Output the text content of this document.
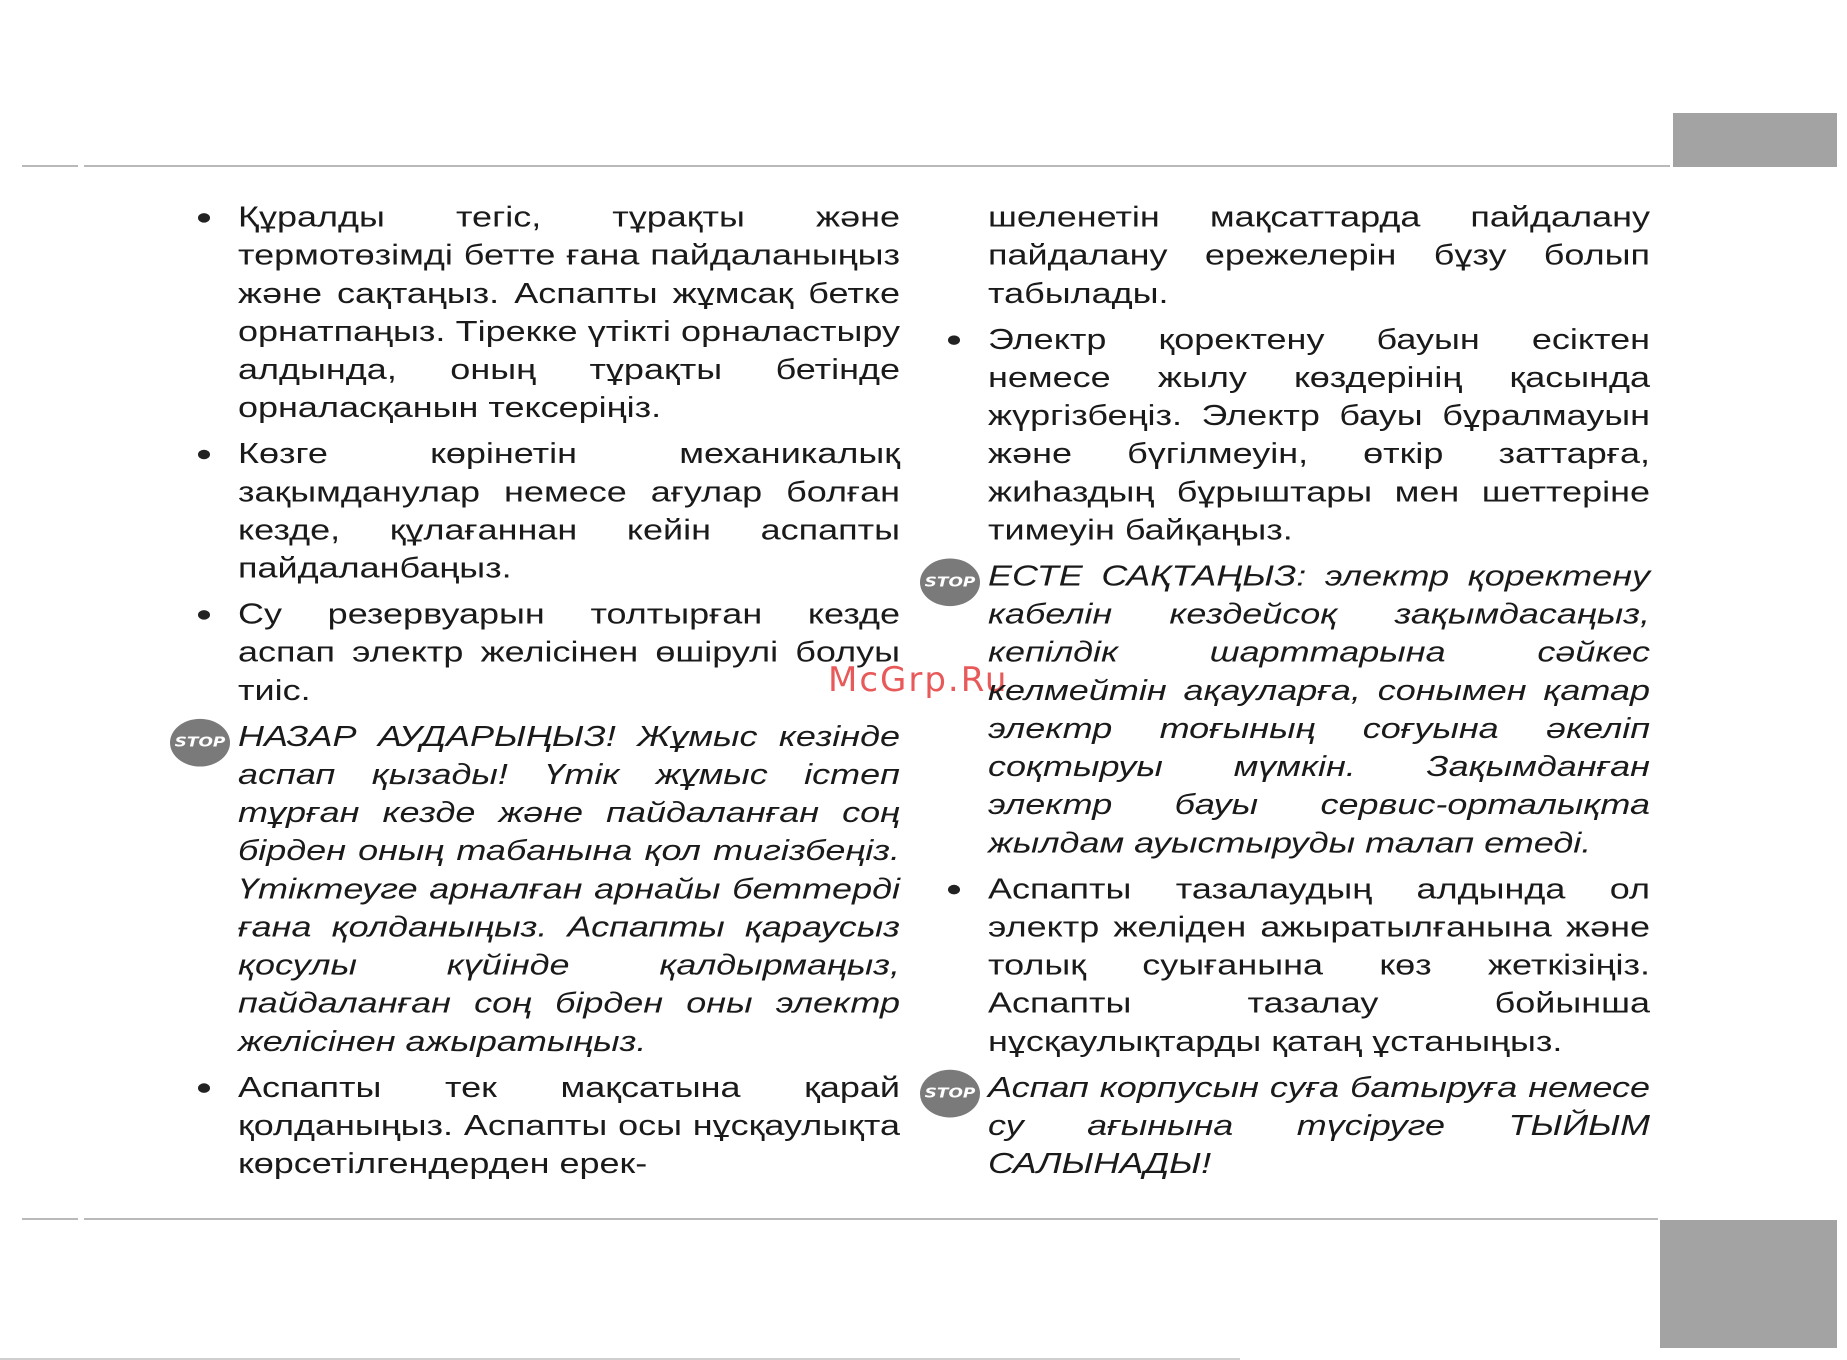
McGrp.Ru

Құралды тегіс, тұрақты және термотөзімді бетте ғана пайдаланыңыз және сақтаңыз. Аспапты жұмсақ бетке орнатпаңыз. Тірекке үтікті орналастыру алдында, оның тұрақты бетінде орналасқанын тексеріңіз.

Көзге көрінетін механикалық зақымданулар немесе ағулар болған кезде, құлағаннан кейін аспапты пайдаланбаңыз.

Су резервуарын толтырған кезде аспап электр желісінен өшірулі болуы тиіс.

STOP НАЗАР АУДАРЫҢЫЗ! Жұмыс кезінде аспап қызады! Үтік жұмыс істеп тұрған кезде және пайдаланған соң бірден оның табанына қол тигізбеңіз. Үтіктеуге арналған арнайы беттерді ғана қолданыңыз. Аспапты қараусыз қосулы күйінде қалдырмаңыз, пайдаланған соң бірден оны электр желісінен ажыратыңыз.

Аспапты тек мақсатына қарай қолданыңыз. Аспапты осы нұсқаулықта көрсетілгендерден ерек-

шеленетін мақсаттарда пайдалану пайдалану ережелерін бұзу болып табылады.

Электр қоректену бауын есіктен немесе жылу көздерінің қасында жүргізбеңіз. Электр бауы бұралмауын және бүгілмеуін, өткір заттарға, жиһаздың бұрыштары мен шеттеріне тимеуін байқаңыз.

STOP ЕСТЕ САҚТАҢЫЗ: электр қоректену кабелін кездейсоқ зақымдасаңыз, кепілдік шарттарына сәйкес келмейтін ақауларға, сонымен қатар электр тоғының соғуына әкеліп соқтыруы мүмкін. Зақымданған электр бауы сервис-орталықта жылдам ауыстыруды талап етеді.

Аспапты тазалаудың алдында ол электр желіден ажыратылғанына және толық суығанына көз жеткізіңіз. Аспапты тазалау бойынша нұсқаулықтарды қатаң ұстаныңыз.

STOP Аспап корпусын суға батыруға немесе су ағынына түсіруге ТЫЙЫМ САЛЫНАДЫ!
